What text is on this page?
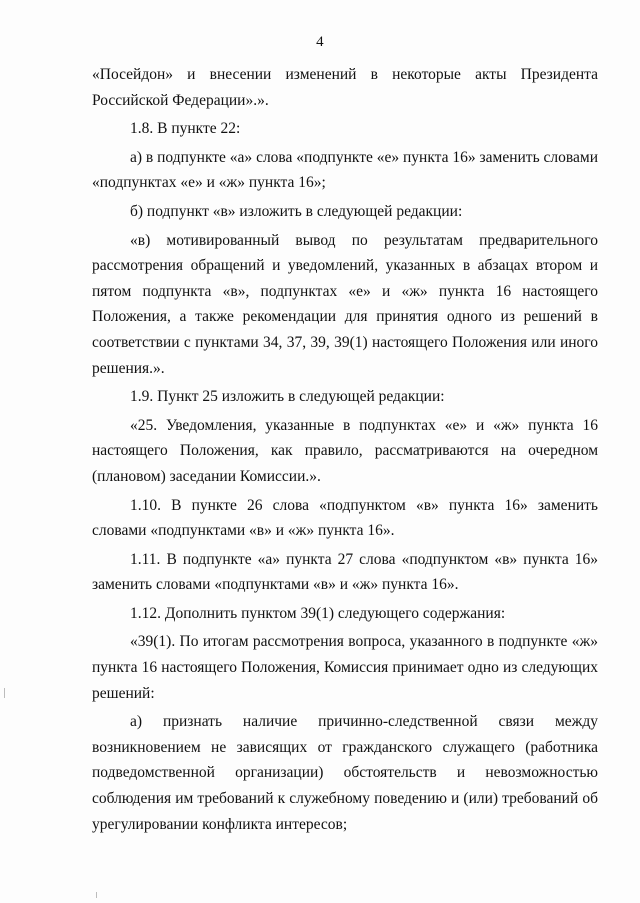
4

«Посейдон» и внесении изменений в некоторые акты Президента Российской Федерации».».

1.8. В пункте 22:

а) в подпункте «а» слова «подпункте «е» пункта 16» заменить словами «подпунктах «е» и «ж» пункта 16»;

б) подпункт «в» изложить в следующей редакции:

«в) мотивированный вывод по результатам предварительного рассмотрения обращений и уведомлений, указанных в абзацах втором и пятом подпункта «в», подпунктах «е» и «ж» пункта 16 настоящего Положения, а также рекомендации для принятия одного из решений в соответствии с пунктами 34, 37, 39, 39(1) настоящего Положения или иного решения.».

1.9. Пункт 25 изложить в следующей редакции:

«25. Уведомления, указанные в подпунктах «е» и «ж» пункта 16 настоящего Положения, как правило, рассматриваются на очередном (плановом) заседании Комиссии.».

1.10. В пункте 26 слова «подпунктом «в» пункта 16» заменить словами «подпунктами «в» и «ж» пункта 16».

1.11. В подпункте «а» пункта 27 слова «подпунктом «в» пункта 16» заменить словами «подпунктами «в» и «ж» пункта 16».

1.12. Дополнить пунктом 39(1) следующего содержания:

«39(1). По итогам рассмотрения вопроса, указанного в подпункте «ж» пункта 16 настоящего Положения, Комиссия принимает одно из следующих решений:

а) признать наличие причинно-следственной связи между возникновением не зависящих от гражданского служащего (работника подведомственной организации) обстоятельств и невозможностью соблюдения им требований к служебному поведению и (или) требований об урегулировании конфликта интересов;
